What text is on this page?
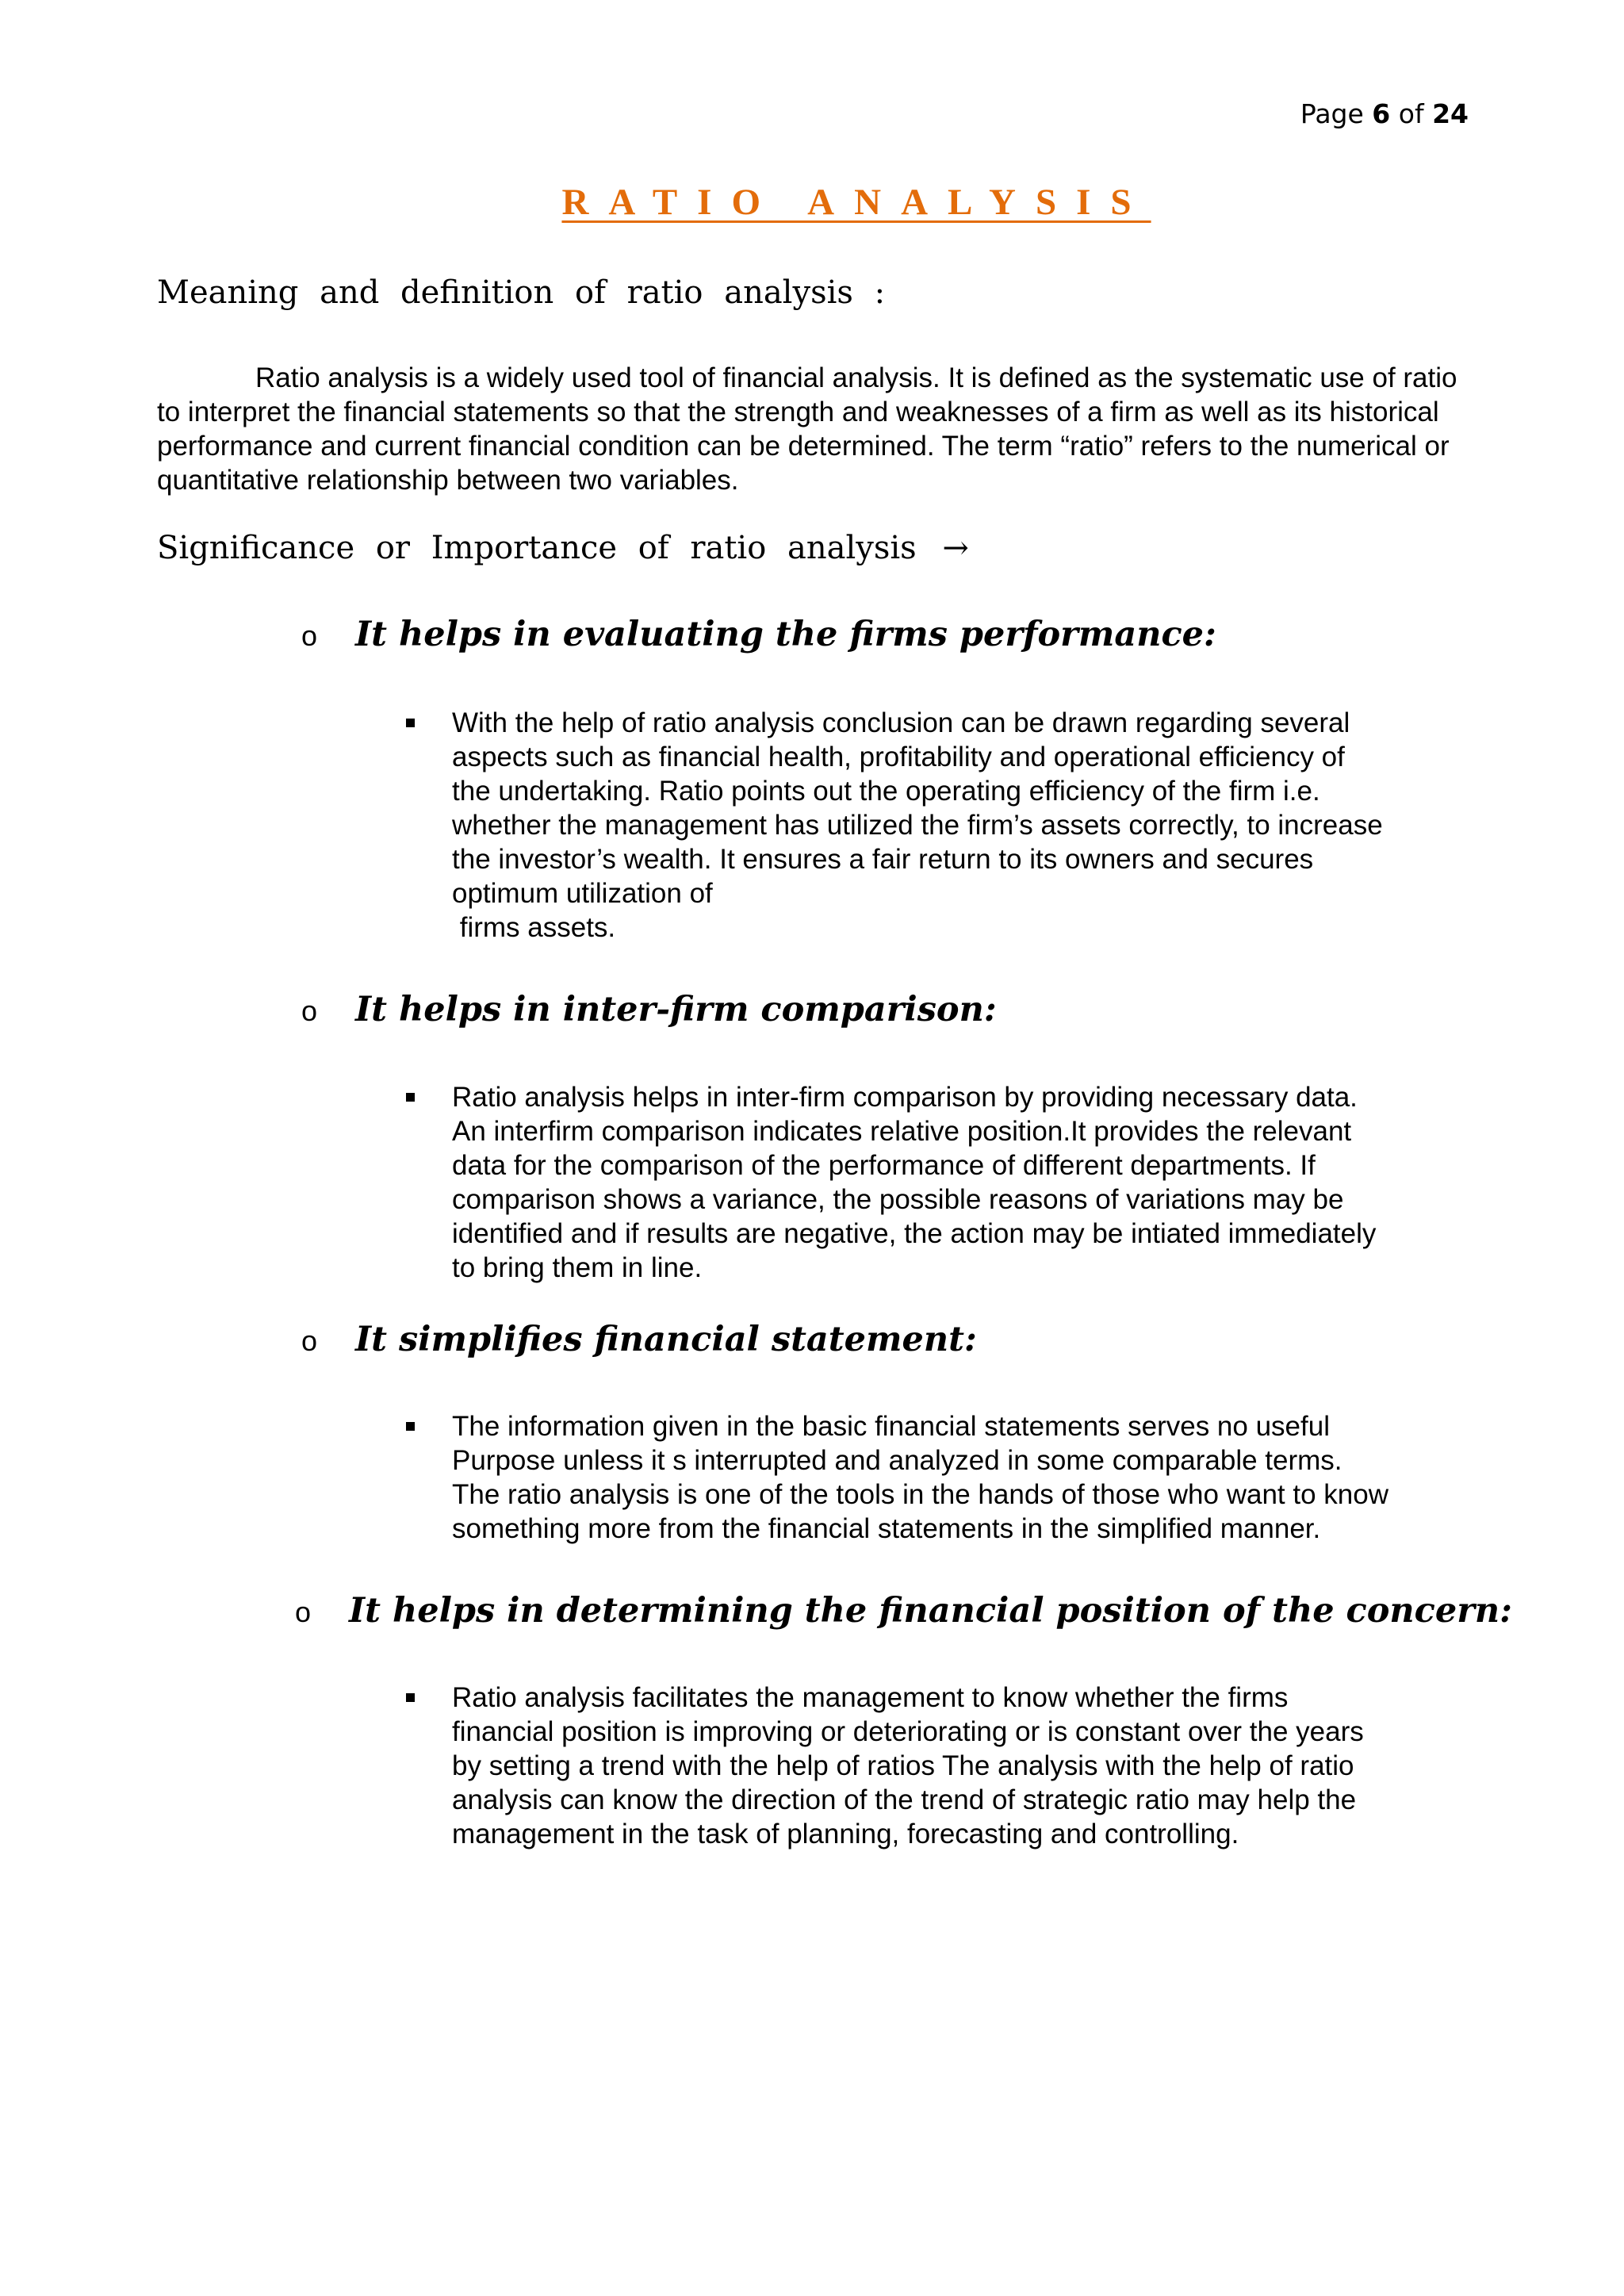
Page 6 of 24
RATIO ANALYSIS
Meaning and definition of ratio analysis :

Ratio analysis is a widely used tool of financial analysis. It is defined as the systematic use of ratio to interpret the financial statements so that the strength and weaknesses of a firm as well as its historical performance and current financial condition can be determined. The term “ratio” refers to the numerical or quantitative relationship between two variables.

Significance or Importance of ratio analysis →
o It helps in evaluating the firms performance:
With the help of ratio analysis conclusion can be drawn regarding several
aspects such as financial health, profitability and operational efficiency of
the undertaking. Ratio points out the operating efficiency of the firm i.e.
whether the management has utilized the firm’s assets correctly, to increase
the investor’s wealth. It ensures a fair return to its owners and secures
optimum utilization of
firms assets.
o It helps in inter-firm comparison:
Ratio analysis helps in inter-firm comparison by providing necessary data.
An interfirm comparison indicates relative position.It provides the relevant
data for the comparison of the performance of different departments. If
comparison shows a variance, the possible reasons of variations may be
identified and if results are negative, the action may be intiated immediately
to bring them in line.
o It simplifies financial statement:
The information given in the basic financial statements serves no useful
Purpose unless it s interrupted and analyzed in some comparable terms.
The ratio analysis is one of the tools in the hands of those who want to know
something more from the financial statements in the simplified manner.
o It helps in determining the financial position of the concern:
Ratio analysis facilitates the management to know whether the firms
financial position is improving or deteriorating or is constant over the years
by setting a trend with the help of ratios The analysis with the help of ratio
analysis can know the direction of the trend of strategic ratio may help the
management in the task of planning, forecasting and controlling.
